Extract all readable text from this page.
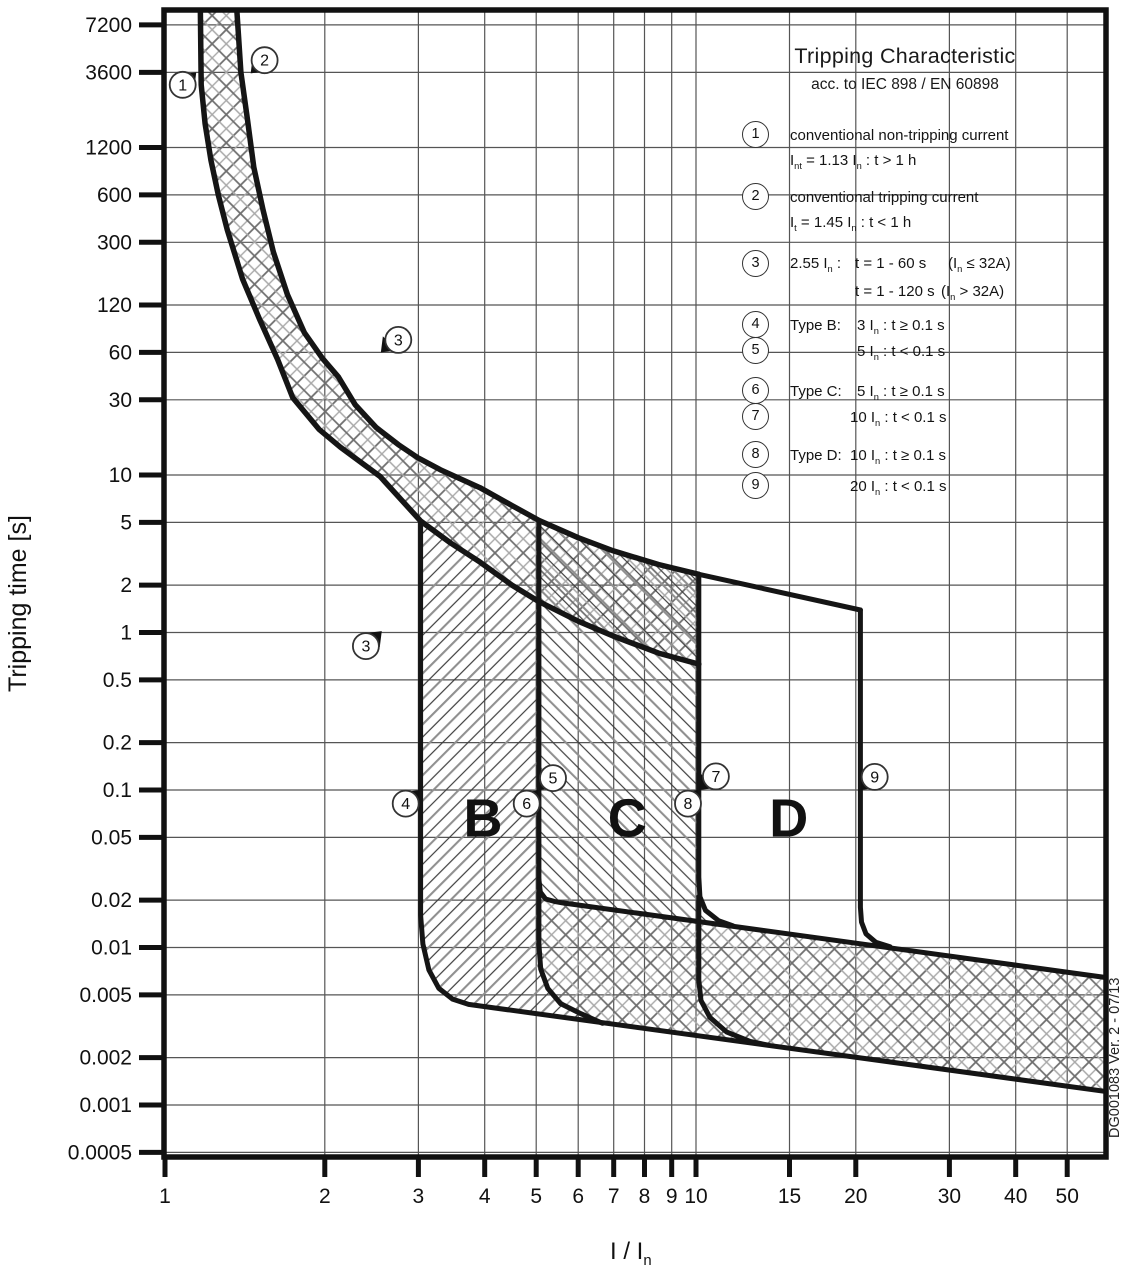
1	2	3	4 5 6 7 8 9 10	15 20	30 40 50
7200
3600
1200
600
300
120
60
30
10
5
2
1
0.5
0.2
0.1
0.05
0.02
0.01
0.005
0.002
0.001
0.0005
B C D
1
2
3
3
4
5
6
7
8
9
Tripping Characteristic
acc. to IEC 898 / EN 60898
Tripping time [s]
I / $I_n$
DG001083 Ver. 2 - 07/13
1	conventional non-tripping current
$I_{nt} = 1.13$ $I_n$ : t > 1 h
2	conventional tripping current
$I_t = 1.45$ $I_n$ : t < 1 h
3	2.55 $I_n$ : t = 1 - 60 s $(I_n \le 32A)$
t = 1 - 120 s $(I_n > 32A)$
4	Type B: 3 $I_n$ : t ≥ 0.1 s
5	5 $I_n$ : t < 0.1 s
6	Type C: 5 $I_n$ : t ≥ 0.1 s
7	10 $I_n$ : t < 0.1 s
8	Type D: 10 $I_n$ : t ≥ 0.1 s
9	20 $I_n$ : t < 0.1 s
